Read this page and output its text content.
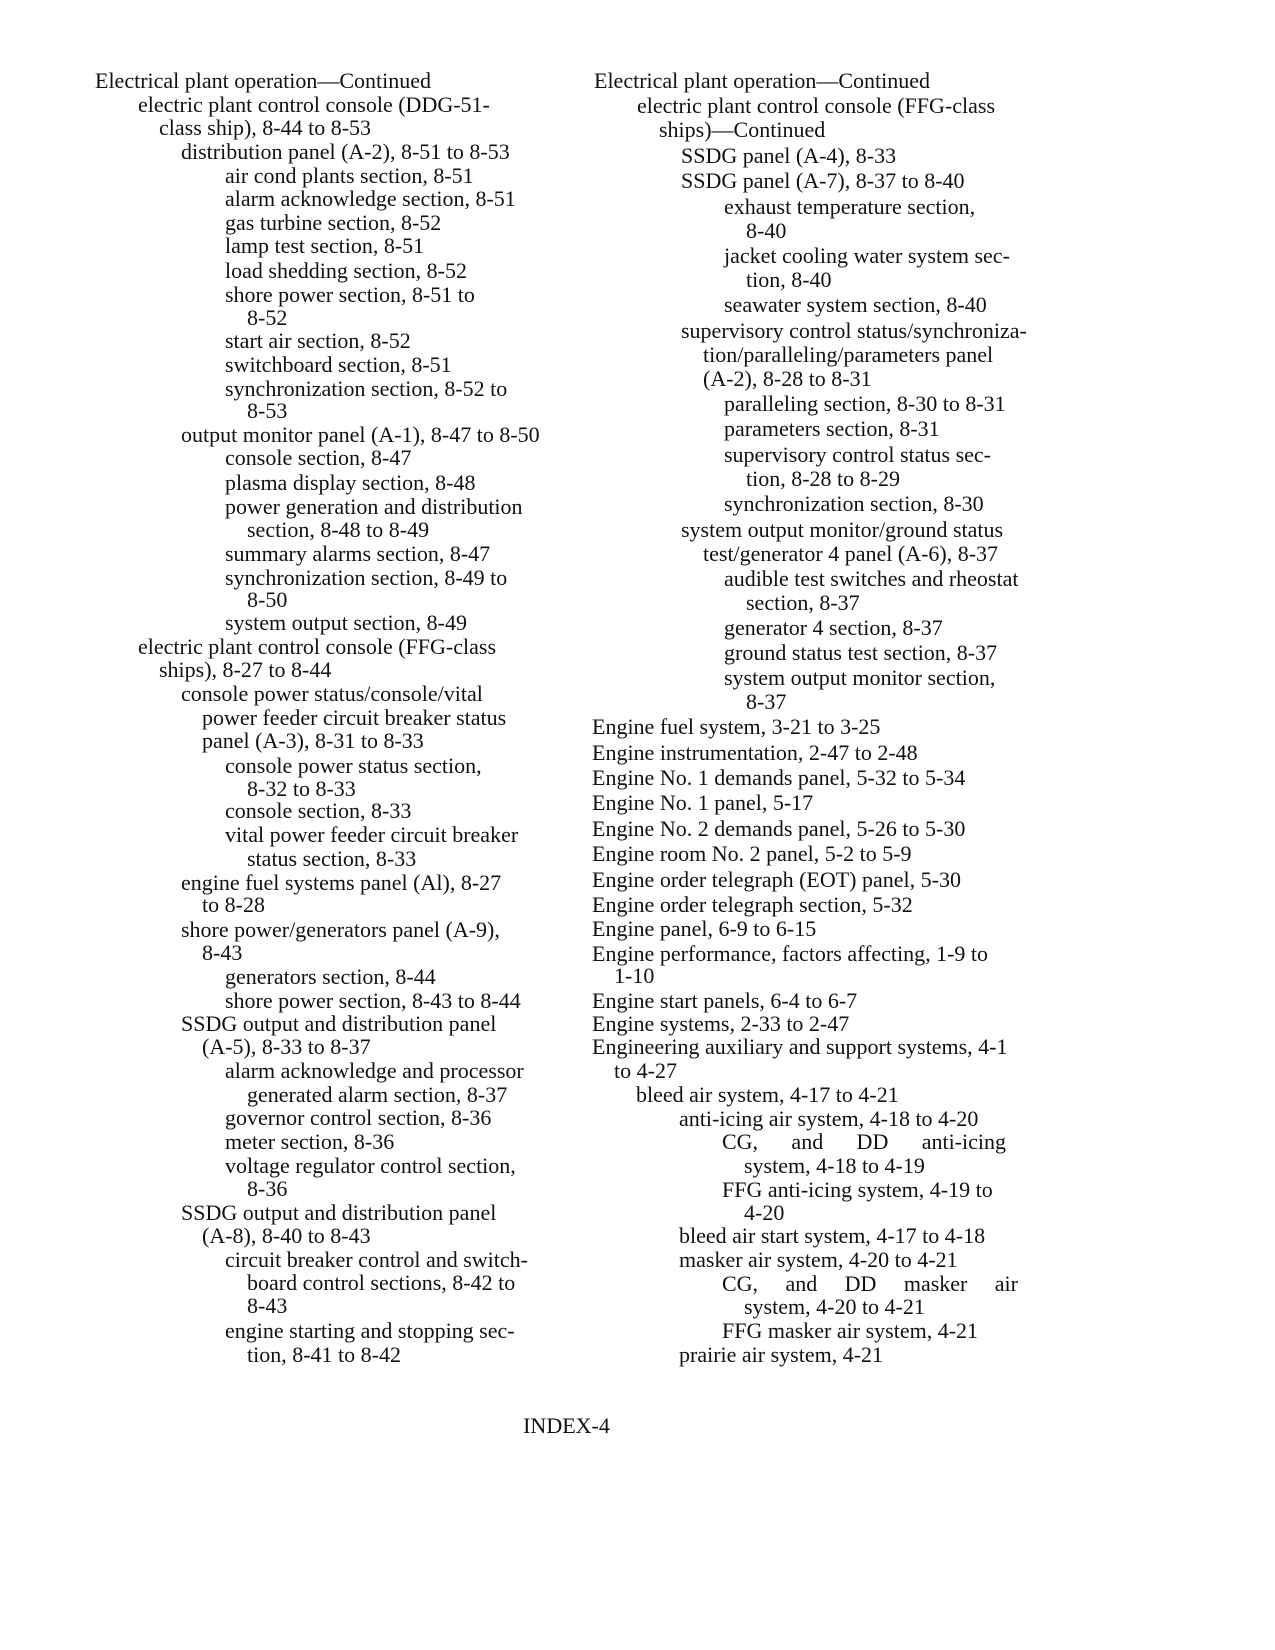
Electrical plant operation—Continued
electric plant control console (DDG-51-
class ship), 8-44 to 8-53
distribution panel (A-2), 8-51 to 8-53
air cond plants section, 8-51
alarm acknowledge section, 8-51
gas turbine section, 8-52
lamp test section, 8-51
load shedding section, 8-52
shore power section, 8-51 to
8-52
start air section, 8-52
switchboard section, 8-51
synchronization section, 8-52 to
8-53
output monitor panel (A-1), 8-47 to 8-50
console section, 8-47
plasma display section, 8-48
power generation and distribution
section, 8-48 to 8-49
summary alarms section, 8-47
synchronization section, 8-49 to
8-50
system output section, 8-49
electric plant control console (FFG-class
ships), 8-27 to 8-44
console power status/console/vital
power feeder circuit breaker status
panel (A-3), 8-31 to 8-33
console power status section,
8-32 to 8-33
console section, 8-33
vital power feeder circuit breaker
status section, 8-33
engine fuel systems panel (Al), 8-27
to 8-28
shore power/generators panel (A-9),
8-43
generators section, 8-44
shore power section, 8-43 to 8-44
SSDG output and distribution panel
(A-5), 8-33 to 8-37
alarm acknowledge and processor
generated alarm section, 8-37
governor control section, 8-36
meter section, 8-36
voltage regulator control section,
8-36
SSDG output and distribution panel
(A-8), 8-40 to 8-43
circuit breaker control and switch-
board control sections, 8-42 to
8-43
engine starting and stopping sec-
tion, 8-41 to 8-42
Electrical plant operation—Continued
electric plant control console (FFG-class
ships)—Continued
SSDG panel (A-4), 8-33
SSDG panel (A-7), 8-37 to 8-40
exhaust temperature section,
8-40
jacket cooling water system sec-
tion, 8-40
seawater system section, 8-40
supervisory control status/synchroniza-
tion/paralleling/parameters panel
(A-2), 8-28 to 8-31
paralleling section, 8-30 to 8-31
parameters section, 8-31
supervisory control status sec-
tion, 8-28 to 8-29
synchronization section, 8-30
system output monitor/ground status
test/generator 4 panel (A-6), 8-37
audible test switches and rheostat
section, 8-37
generator 4 section, 8-37
ground status test section, 8-37
system output monitor section,
8-37
Engine fuel system, 3-21 to 3-25
Engine instrumentation, 2-47 to 2-48
Engine No. 1 demands panel, 5-32 to 5-34
Engine No. 1 panel, 5-17
Engine No. 2 demands panel, 5-26 to 5-30
Engine room No. 2 panel, 5-2 to 5-9
Engine order telegraph (EOT) panel, 5-30
Engine order telegraph section, 5-32
Engine panel, 6-9 to 6-15
Engine performance, factors affecting, 1-9 to
1-10
Engine start panels, 6-4 to 6-7
Engine systems, 2-33 to 2-47
Engineering auxiliary and support systems, 4-1
to 4-27
bleed air system, 4-17 to 4-21
anti-icing air system, 4-18 to 4-20
CG, and DD anti-icing
system, 4-18 to 4-19
FFG anti-icing system, 4-19 to
4-20
bleed air start system, 4-17 to 4-18
masker air system, 4-20 to 4-21
CG, and DD masker air
system, 4-20 to 4-21
FFG masker air system, 4-21
prairie air system, 4-21
INDEX-4
